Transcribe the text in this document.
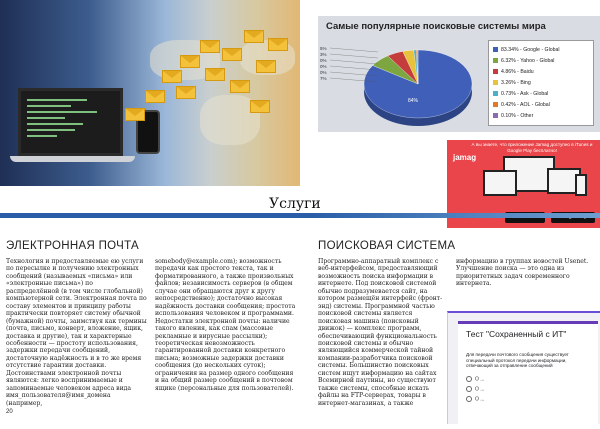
Самые популярные поисковые системы мира
84%
5%
3%
0%
0%
0%
7%
83.34% - Google - Global
6.32% - Yahoo - Global
4.86% - Baidu
3.26% - Bing
0.73% - Ask - Global
0.42% - AOL - Global
0.10% - Other
А вы знаете, что приложение Jamag доступно в iTunes и Google Play бесплатно!
jamag
Услуги
ЭЛЕКТРОННАЯ ПОЧТА
Технология и предоставляемые ею услуги по пересылке и получению электронных сообщений (называемых «письма» или «электронные письма») по распределённой (в том числе глобальной) компьютерной сети. Электронная почта по составу элементов и принципу работы практически повторяет систему обычной (бумажной) почты, заимствуя как термины (почта, письмо, конверт, вложение, ящик, доставка и другие), так и характерные особенности — простоту использования, задержки передачи сообщений, достаточную надёжность и в то же время отсутствие гарантии доставки. Достоинствами электронной почты являются: легко воспринимаемые и запоминаемые человеком адреса вида имя_пользователя@имя_домена (например,
somebody@example.com); возможность передачи как простого текста, так и форматированного, а также произвольных файлов; независимость серверов (в общем случае они обращаются друг к другу непосредственно); достаточно высокая надёжность доставки сообщения; простота использования человеком и программами. Недостатки электронной почты: наличие такого явления, как спам (массовые рекламные и вирусные рассылки); теоретическая невозможность гарантированной доставки конкретного письма; возможные задержки доставки сообщения (до нескольких суток); ограничения на размер одного сообщения и на общий размер сообщений в почтовом ящике (персональные для пользователей).
ПОИСКОВАЯ СИСТЕМА
Программно-аппаратный комплекс с веб-интерфейсом, предоставляющий возможность поиска информации в интернете. Под поисковой системой обычно подразумевается сайт, на котором размещён интерфейс (фронт-энд) системы. Программной частью поисковой системы является поисковая машина (поисковый движок) — комплекс программ, обеспечивающий функциональность поисковой системы и обычно являющийся коммерческой тайной компании-разработчика поисковой системы. Большинство поисковых систем ищут информацию на сайтах Всемирной паутины, но существуют также системы, способные искать файлы на FTP-серверах, товары в интернет-магазинах, а также
информацию в группах новостей Usenet. Улучшение поиска — это одна из приоритетных задач современного интернета.
Тест "Сохраненный с ИТ"
Для передачи почтового сообщения существует специальный протокол передачи информации, отвечающий за отправление сообщений
О ...
О ...
О ...
20
